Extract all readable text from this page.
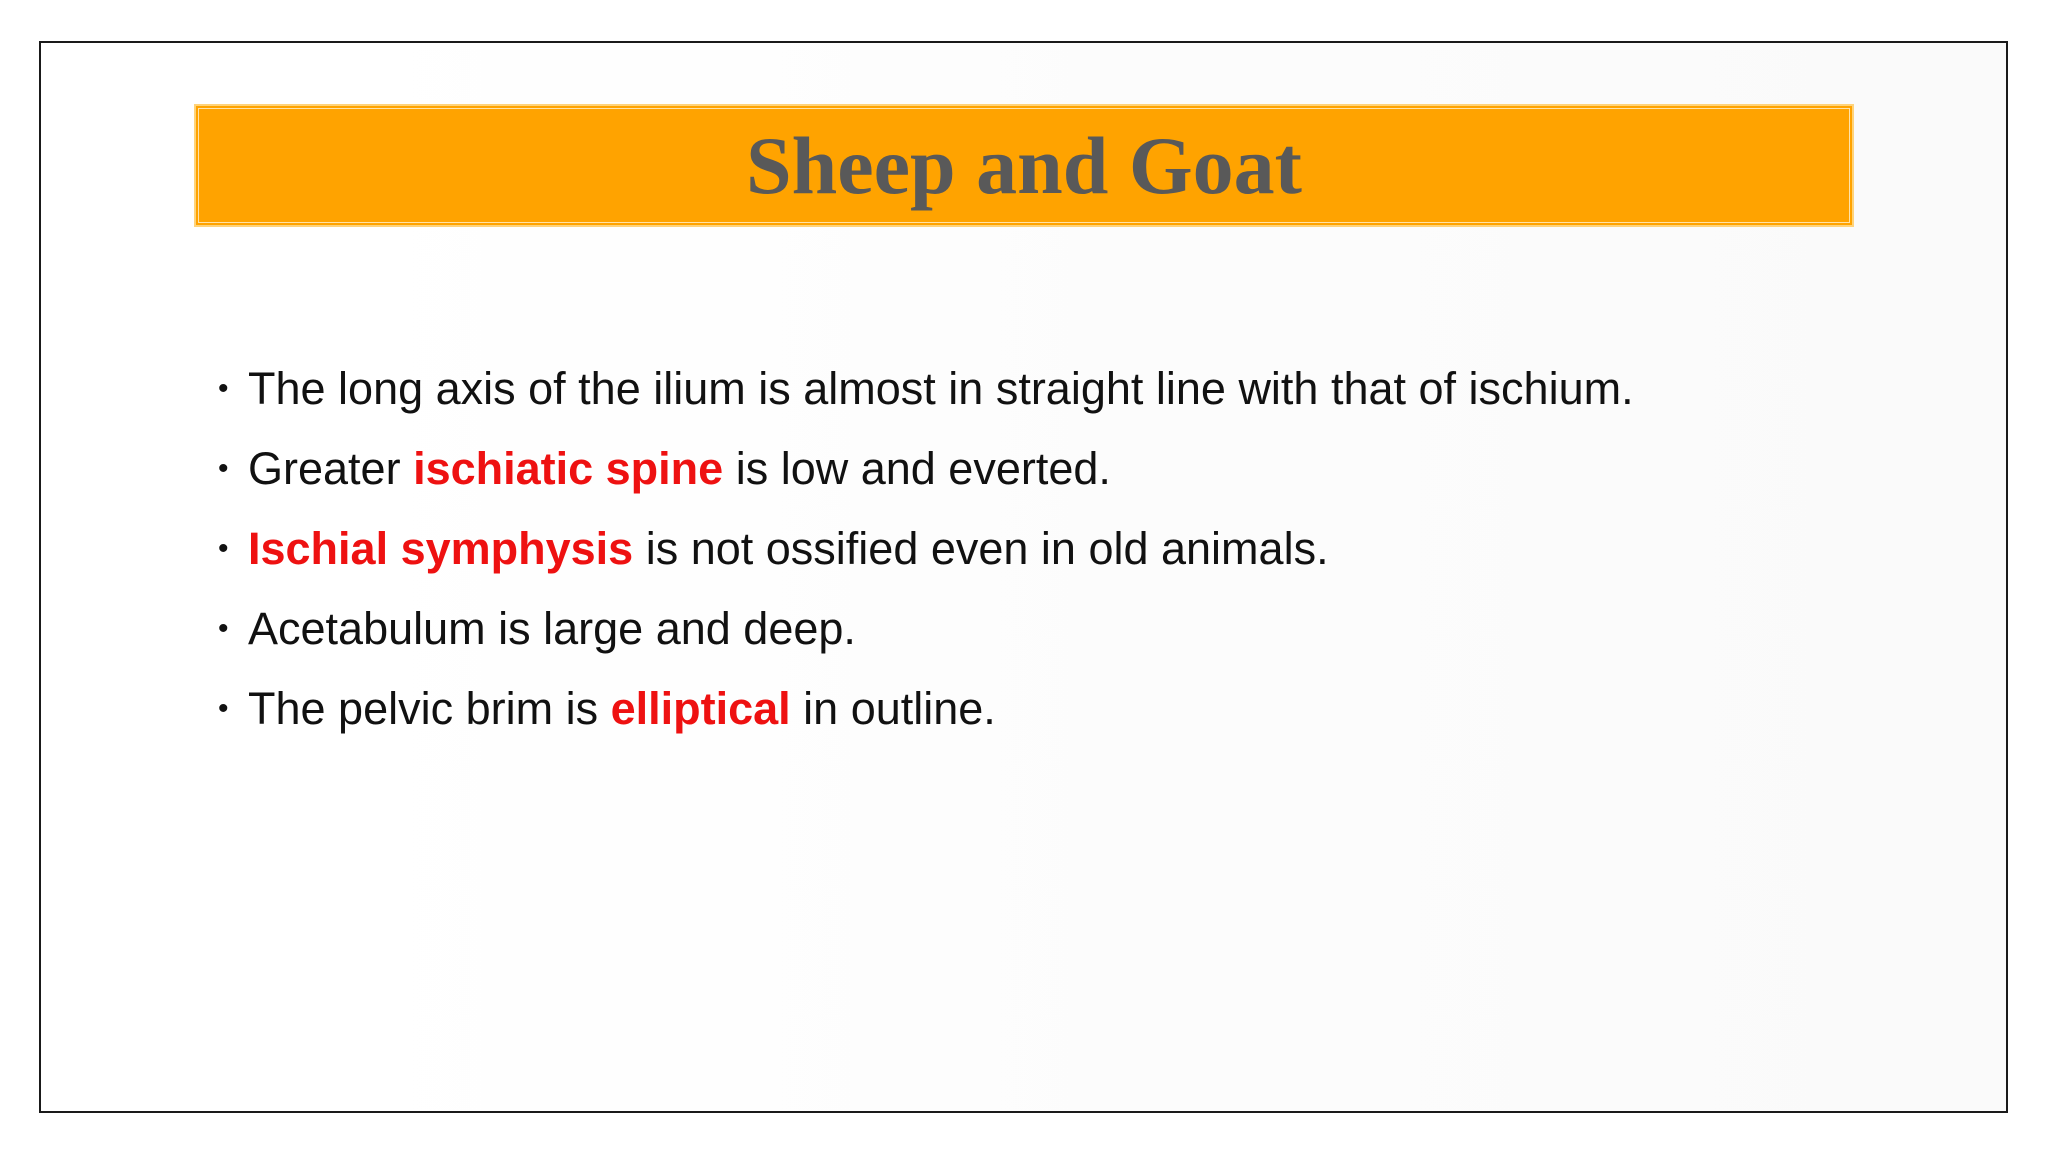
Sheep and Goat
• The long axis of the ilium is almost in straight line with that of ischium.
• Greater ischiatic spine is low and everted.
• Ischial symphysis is not ossified even in old animals.
• Acetabulum is large and deep.
• The pelvic brim is elliptical in outline.
